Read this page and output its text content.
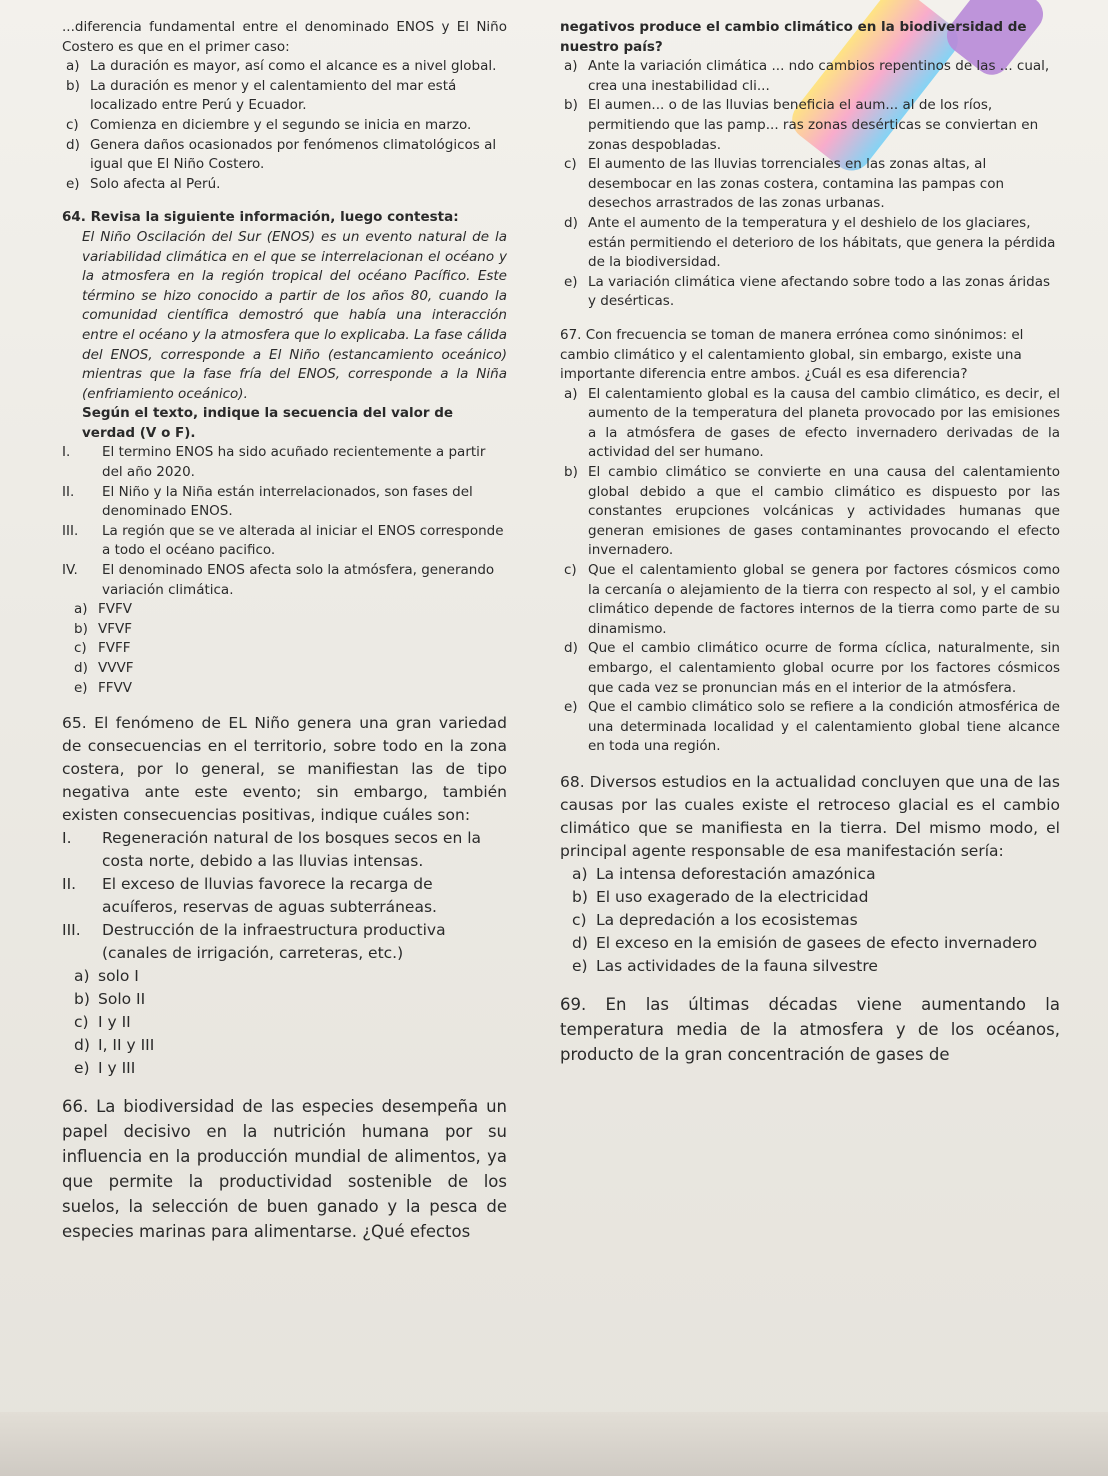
...diferencia fundamental entre el denominado ENOS y El Niño Costero es que en el primer caso:
a) La duración es mayor, así como el alcance es a nivel global.
b) La duración es menor y el calentamiento del mar está localizado entre Perú y Ecuador.
c) Comienza en diciembre y el segundo se inicia en marzo.
d) Genera daños ocasionados por fenómenos climatológicos al igual que El Niño Costero.
e) Solo afecta al Perú.
64. Revisa la siguiente información, luego contesta:
El Niño Oscilación del Sur (ENOS) es un evento natural de la variabilidad climática en el que se interrelacionan el océano y la atmosfera en la región tropical del océano Pacífico. Este término se hizo conocido a partir de los años 80, cuando la comunidad científica demostró que había una interacción entre el océano y la atmosfera que lo explicaba. La fase cálida del ENOS, corresponde a El Niño (estancamiento oceánico) mientras que la fase fría del ENOS, corresponde a la Niña (enfriamiento oceánico).
Según el texto, indique la secuencia del valor de verdad (V o F).
I.	El termino ENOS ha sido acuñado recientemente a partir del año 2020.
II.	El Niño y la Niña están interrelacionados, son fases del denominado ENOS.
III. La región que se ve alterada al iniciar el ENOS corresponde a todo el océano pacifico.
IV. El denominado ENOS afecta solo la atmósfera, generando variación climática.
a) FVFV
b) VFVF
c) FVFF
d) VVVF
e) FFVV
65. El fenómeno de EL Niño genera una gran variedad de consecuencias en el territorio, sobre todo en la zona costera, por lo general, se manifiestan las de tipo negativa ante este evento; sin embargo, también existen consecuencias positivas, indique cuáles son:
I.	Regeneración natural de los bosques secos en la costa norte, debido a las lluvias intensas.
II. El exceso de lluvias favorece la recarga de acuíferos, reservas de aguas subterráneas.
III. Destrucción de la infraestructura productiva (canales de irrigación, carreteras, etc.)
a) solo I
b) Solo II
c) I y II
d) I, II y III
e) I y III
66. La biodiversidad de las especies desempeña un papel decisivo en la nutrición humana por su influencia en la producción mundial de alimentos, ya que permite la productividad sostenible de los suelos, la selección de buen ganado y la pesca de especies marinas para alimentarse. ¿Qué efectos
negativos produce el cambio climático en la biodiversidad de nuestro país?
a) Ante la variación climática ... ndo cambios repentinos de las ... cual, crea una inestabilidad cli...
b) El aumen... o de las lluvias beneficia el aum... al de los ríos, permitiendo que las pamp... ras zonas desérticas se conviertan en zonas despobladas.
c) El aumento de las lluvias torrenciales en las zonas altas, al desembocar en las zonas costera, contamina las pampas con desechos arrastrados de las zonas urbanas.
d) Ante el aumento de la temperatura y el deshielo de los glaciares, están permitiendo el deterioro de los hábitats, que genera la pérdida de la biodiversidad.
e) La variación climática viene afectando sobre todo a las zonas áridas y desérticas.
67. Con frecuencia se toman de manera errónea como sinónimos: el cambio climático y el calentamiento global, sin embargo, existe una importante diferencia entre ambos. ¿Cuál es esa diferencia?
a) El calentamiento global es la causa del cambio climático, es decir, el aumento de la temperatura del planeta provocado por las emisiones a la atmósfera de gases de efecto invernadero derivadas de la actividad del ser humano.
b) El cambio climático se convierte en una causa del calentamiento global debido a que el cambio climático es dispuesto por las constantes erupciones volcánicas y actividades humanas que generan emisiones de gases contaminantes provocando el efecto invernadero.
c) Que el calentamiento global se genera por factores cósmicos como la cercanía o alejamiento de la tierra con respecto al sol, y el cambio climático depende de factores internos de la tierra como parte de su dinamismo.
d) Que el cambio climático ocurre de forma cíclica, naturalmente, sin embargo, el calentamiento global ocurre por los factores cósmicos que cada vez se pronuncian más en el interior de la atmósfera.
e) Que el cambio climático solo se refiere a la condición atmosférica de una determinada localidad y el calentamiento global tiene alcance en toda una región.
68. Diversos estudios en la actualidad concluyen que una de las causas por las cuales existe el retroceso glacial es el cambio climático que se manifiesta en la tierra. Del mismo modo, el principal agente responsable de esa manifestación sería:
a) La intensa deforestación amazónica
b) El uso exagerado de la electricidad
c) La depredación a los ecosistemas
d) El exceso en la emisión de gasees de efecto invernadero
e) Las actividades de la fauna silvestre
69. En las últimas décadas viene aumentando la temperatura media de la atmosfera y de los océanos, producto de la gran concentración de gases de
